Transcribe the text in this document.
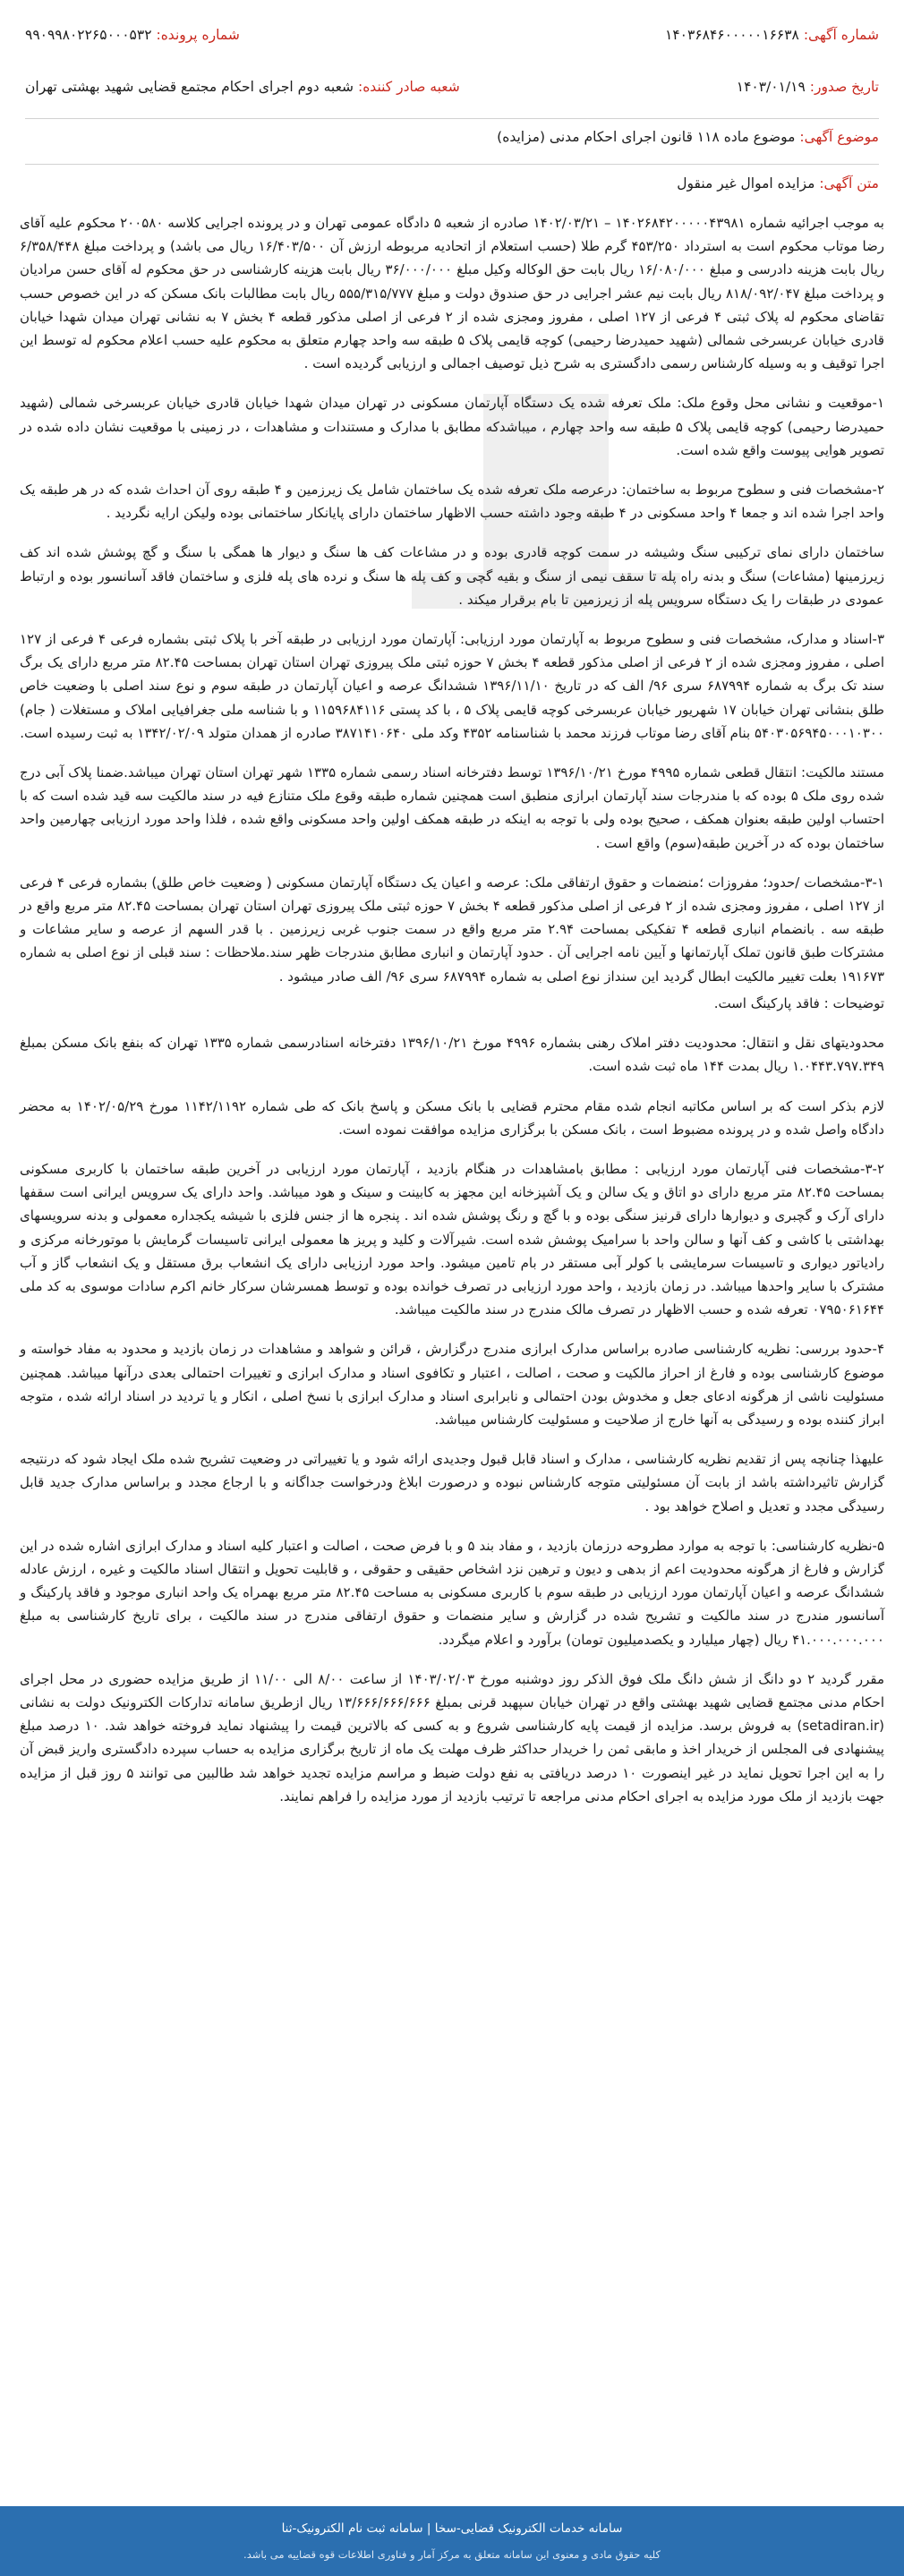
شماره آگهی: ۱۴۰۳۶۸۴۶۰۰۰۰۰۱۶۶۳۸
شماره پرونده: ۹۹۰۹۹۸۰۲۲۶۵۰۰۰۵۳۲
تاریخ صدور: ۱۴۰۳/۰۱/۱۹
شعبه صادر کننده: شعبه دوم اجرای احکام مجتمع قضایی شهید بهشتی تهران
موضوع آگهی: موضوع ماده ۱۱۸ قانون اجرای احکام مدنی (مزایده)
متن آگهی: مزایده اموال غیر منقول

به موجب اجرائیه شماره ۱۴۰۲۶۸۴۲۰۰۰۰۰۴۳۹۸۱ – ۱۴۰۲/۰۳/۲۱ صادره از شعبه ۵ دادگاه عمومی تهران و در پرونده اجرایی کلاسه ۲۰۰۵۸۰ محکوم علیه آقای رضا موتاب محکوم است به استرداد ۴۵۳/۲۵۰ گرم طلا (حسب استعلام از اتحادیه مربوطه ارزش آن ۱۶/۴۰۳/۵۰۰ ریال می باشد) و پرداخت مبلغ ۶/۳۵۸/۴۴۸ ریال بابت هزینه دادرسی و مبلغ ۱۶/۰۸۰/۰۰۰ ریال بابت حق الوکاله وکیل مبلغ ۳۶/۰۰۰/۰۰۰ ریال بابت هزینه کارشناسی در حق محکوم له آقای حسن مرادیان و پرداخت مبلغ ۸۱۸/۰۹۲/۰۴۷ ریال بابت نیم عشر اجرایی در حق صندوق دولت و مبلغ ۵۵۵/۳۱۵/۷۷۷ ریال بابت مطالبات بانک مسکن که در این خصوص حسب تقاضای محکوم له پلاک ثبتی ۴ فرعی از ۱۲۷ اصلی ، مفروز ومجزی شده از ۲ فرعی از اصلی مذکور قطعه ۴ بخش ۷ به نشانی تهران میدان شهدا خیابان قادری خیابان عربسرخی شمالی (شهید حمیدرضا رحیمی) کوچه قایمی پلاک ۵ طبقه سه واحد چهارم متعلق به محکوم علیه حسب اعلام محکوم له توسط این اجرا توقیف و به وسیله کارشناس رسمی دادگستری به شرح ذیل توصیف اجمالی و ارزیابی گردیده است .

۱-موقعیت و نشانی محل وقوع ملک: ملک تعرفه شده یک دستگاه آپارتمان مسکونی در تهران میدان شهدا خیابان قادری خیابان عربسرخی شمالی (شهید حمیدرضا رحیمی) کوچه قایمی پلاک ۵ طبقه سه واحد چهارم ، میباشدکه مطابق با مدارک و مستندات و مشاهدات ، در زمینی با موقعیت نشان داده شده در تصویر هوایی پیوست واقع شده است.

۲-مشخصات فنی و سطوح مربوط به ساختمان: درعرصه ملک تعرفه شده یک ساختمان شامل یک زیرزمین و ۴ طبقه روی آن احداث شده که در هر طبقه یک واحد اجرا شده اند و جمعا ۴ واحد مسکونی در ۴ طبقه وجود داشته حسب الاظهار ساختمان دارای پایانکار ساختمانی بوده ولیکن ارایه نگردید .

ساختمان دارای نمای ترکیبی سنگ وشیشه در سمت کوچه قادری بوده و در مشاعات کف ها سنگ و دیوار ها همگی با سنگ و گچ پوشش شده اند کف زیرزمینها (مشاعات) سنگ و بدنه راه پله تا سقف نیمی از سنگ و بقیه گچی و کف پله ها سنگ و نرده های پله فلزی و ساختمان فاقد آسانسور بوده و ارتباط عمودی در طبقات را یک دستگاه سرویس پله از زیرزمین تا بام برقرار میکند .

۳-اسناد و مدارک، مشخصات فنی و سطوح مربوط به آپارتمان مورد ارزیابی: آپارتمان مورد ارزیابی در طبقه آخر با پلاک ثبتی بشماره فرعی ۴ فرعی از ۱۲۷ اصلی ، مفروز ومجزی شده از ۲ فرعی از اصلی مذکور قطعه ۴ بخش ۷ حوزه ثبتی ملک پیروزی تهران استان تهران بمساحت ۸۲.۴۵ متر مربع دارای یک برگ سند تک برگ به شماره ۶۸۷۹۹۴ سری ۹۶/ الف که در تاریخ ۱۳۹۶/۱۱/۱۰ ششدانگ عرصه و اعیان آپارتمان در طبقه سوم و نوع سند اصلی با وضعیت خاص طلق بنشانی تهران خیابان ۱۷ شهریور خیابان عربسرخی کوچه قایمی پلاک ۵ ، با کد پستی ۱۱۵۹۶۸۴۱۱۶ و با شناسه ملی جغرافیایی املاک و مستغلات ( جام) ۵۴۰۳۰۵۶۹۴۵۰۰۰۱۰۳۰۰ بنام آقای رضا موتاب فرزند محمد با شناسنامه ۴۳۵۲ وکد ملی ۳۸۷۱۴۱۰۶۴۰ صادره از همدان متولد ۱۳۴۲/۰۲/۰۹ به ثبت رسیده است.

مستند مالکیت: انتقال قطعی شماره ۴۹۹۵ مورخ ۱۳۹۶/۱۰/۲۱ توسط دفترخانه اسناد رسمی شماره ۱۳۳۵ شهر تهران استان تهران میباشد.ضمنا پلاک آبی درج شده روی ملک ۵ بوده که با مندرجات سند آپارتمان ابرازی منطبق است همچنین شماره طبقه وقوع ملک متنازع فیه در سند مالکیت سه قید شده است که با احتساب اولین طبقه بعنوان همکف ، صحیح بوده ولی با توجه به اینکه در طبقه همکف اولین واحد مسکونی واقع شده ، فلذا واحد مورد ارزیابی چهارمین واحد ساختمان بوده که در آخرین طبقه(سوم) واقع است .

۳-۱-مشخصات /حدود؛ مفروزات ؛منضمات و حقوق ارتفاقی ملک: عرصه و اعیان یک دستگاه آپارتمان مسکونی ( وضعیت خاص طلق) بشماره فرعی ۴ فرعی از ۱۲۷ اصلی ، مفروز ومجزی شده از ۲ فرعی از اصلی مذکور قطعه ۴ بخش ۷ حوزه ثبتی ملک پیروزی تهران استان تهران بمساحت ۸۲.۴۵ متر مربع واقع در طبقه سه . بانضمام انباری قطعه ۴ تفکیکی بمساحت ۲.۹۴ متر مربع واقع در سمت جنوب غربی زیرزمین . با قدر السهم از عرصه و سایر مشاعات و مشترکات طبق قانون تملک آپارتمانها و آیین نامه اجرایی آن . حدود آپارتمان و انباری مطابق مندرجات ظهر سند.ملاحظات : سند قبلی از نوع اصلی به شماره ۱۹۱۶۷۳ بعلت تغییر مالکیت ابطال گردید این سنداز نوع اصلی به شماره ۶۸۷۹۹۴ سری ۹۶/ الف صادر میشود .

توضیحات : فاقد پارکینگ است.

محدودیتهای نقل و انتقال: محدودیت دفتر املاک رهنی بشماره ۴۹۹۶ مورخ ۱۳۹۶/۱۰/۲۱ دفترخانه اسنادرسمی شماره ۱۳۳۵ تهران که بنفع بانک مسکن بمبلغ ۱.۰۴۴۳.۷۹۷.۳۴۹ ریال بمدت ۱۴۴ ماه ثبت شده است.

لازم بذکر است که بر اساس مکاتبه انجام شده مقام محترم قضایی با بانک مسکن و پاسخ بانک که طی شماره ۱۱۴۲/۱۱۹۲ مورخ ۱۴۰۲/۰۵/۲۹ به محضر دادگاه واصل شده و در پرونده مضبوط است ، بانک مسکن با برگزاری مزایده موافقت نموده است.

۳-۲-مشخصات فنی آپارتمان مورد ارزیابی : مطابق بامشاهدات در هنگام بازدید ، آپارتمان مورد ارزیابی در آخرین طبقه ساختمان با کاربری مسکونی بمساحت ۸۲.۴۵ متر مربع دارای دو اتاق و یک سالن و یک آشپزخانه این مجهز به کابینت و سینک و هود میباشد. واحد دارای یک سرویس ایرانی است سقفها دارای آرک و گچبری و دیوارها دارای قرنیز سنگی بوده و با گچ و رنگ پوشش شده اند . پنجره ها از جنس فلزی با شیشه یکجداره معمولی و بدنه سرویسهای بهداشتی با کاشی و کف آنها و سالن واحد با سرامیک پوشش شده است. شیرآلات و کلید و پریز ها معمولی ایرانی تاسیسات گرمایش با موتورخانه مرکزی و رادیاتور دیواری و تاسیسات سرمایشی با کولر آبی مستقر در بام تامین میشود. واحد مورد ارزیابی دارای یک انشعاب برق مستقل و یک انشعاب گاز و آب مشترک با سایر واحدها میباشد. در زمان بازدید ، واحد مورد ارزیابی در تصرف خوانده بوده و توسط همسرشان سرکار خانم اکرم سادات موسوی به کد ملی ۰۷۹۵۰۶۱۶۴۴ تعرفه شده و حسب الاظهار در تصرف مالک مندرج در سند مالکیت میباشد.

۴-حدود بررسی: نظریه کارشناسی صادره براساس مدارک ابرازی مندرج درگزارش ، قرائن و شواهد و مشاهدات در زمان بازدید و محدود به مفاد خواسته و موضوع کارشناسی بوده و فارغ از احراز مالکیت و صحت ، اصالت ، اعتبار و تکافوی اسناد و مدارک ابرازی و تغییرات احتمالی بعدی درآنها میباشد. همچنین مسئولیت ناشی از هرگونه ادعای جعل و مخدوش بودن احتمالی و نابرابری اسناد و مدارک ابرازی با نسخ اصلی ، انکار و یا تردید در اسناد ارائه شده ، متوجه ابراز کننده بوده و رسیدگی به آنها خارج از صلاحیت و مسئولیت کارشناس میباشد.

علیهذا چنانچه پس از تقدیم نظریه کارشناسی ، مدارک و اسناد قابل قبول وجدیدی ارائه شود و یا تغییراتی در وضعیت تشریح شده ملک ایجاد شود که درنتیجه گزارش تاثیرداشته باشد از بابت آن مسئولیتی متوجه کارشناس نبوده و درصورت ابلاغ ودرخواست جداگانه و با ارجاع مجدد و براساس مدارک جدید قابل رسیدگی مجدد و تعدیل و اصلاح خواهد بود .

۵-نظریه کارشناسی: با توجه به موارد مطروحه درزمان بازدید ، و مفاد بند ۵ و با فرض صحت ، اصالت و اعتبار کلیه اسناد و مدارک ابرازی اشاره شده در این گزارش و فارغ از هرگونه محدودیت اعم از بدهی و دیون و ترهین نزد اشخاص حقیقی و حقوقی ، و قابلیت تحویل و انتقال اسناد مالکیت و غیره ، ارزش عادله ششدانگ عرصه و اعیان آپارتمان مورد ارزیابی در طبقه سوم با کاربری مسکونی به مساحت ۸۲.۴۵ متر مربع بهمراه یک واحد انباری موجود و فاقد پارکینگ و آسانسور مندرج در سند مالکیت و تشریح شده در گزارش و سایر منضمات و حقوق ارتفاقی مندرج در سند مالکیت ، برای تاریخ کارشناسی به مبلغ ۴۱.۰۰۰.۰۰۰.۰۰۰ ریال (چهار میلیارد و یکصدمیلیون تومان) برآورد و اعلام میگردد.

مقرر گردید ۲ دو دانگ از شش دانگ ملک فوق الذکر روز دوشنبه مورخ ۱۴۰۳/۰۲/۰۳ از ساعت ۸/۰۰ الی ۱۱/۰۰ از طریق مزایده حضوری در محل اجرای احکام مدنی مجتمع قضایی شهید بهشتی واقع در تهران خیابان سپهبد قرنی بمبلغ ۱۳/۶۶۶/۶۶۶/۶۶۶ ریال ازطریق سامانه تدارکات الکترونیک دولت به نشانی (setadiran.ir) به فروش برسد. مزایده از قیمت پایه کارشناسی شروع و به کسی که بالاترین قیمت را پیشنهاد نماید فروخته خواهد شد. ۱۰ درصد مبلغ پیشنهادی فی المجلس از خریدار اخذ و مابقی ثمن را خریدار حداکثر ظرف مهلت یک ماه از تاریخ برگزاری مزایده به حساب سپرده دادگستری واریز قبض آن را به این اجرا تحویل نماید در غیر اینصورت ۱۰ درصد دریافتی به نفع دولت ضبط و مراسم مزایده تجدید خواهد شد طالبین می توانند ۵ روز قبل از مزایده جهت بازدید از ملک مورد مزایده به اجرای احکام مدنی مراجعه تا ترتیب بازدید از مورد مزایده را فراهم نمایند.

سامانه خدمات الکترونیک قضایی-سخا | سامانه ثبت نام الکترونیک-ثنا
کلیه حقوق مادی و معنوی این سامانه متعلق به مرکز آمار و فناوری اطلاعات قوه قضاییه می باشد.
